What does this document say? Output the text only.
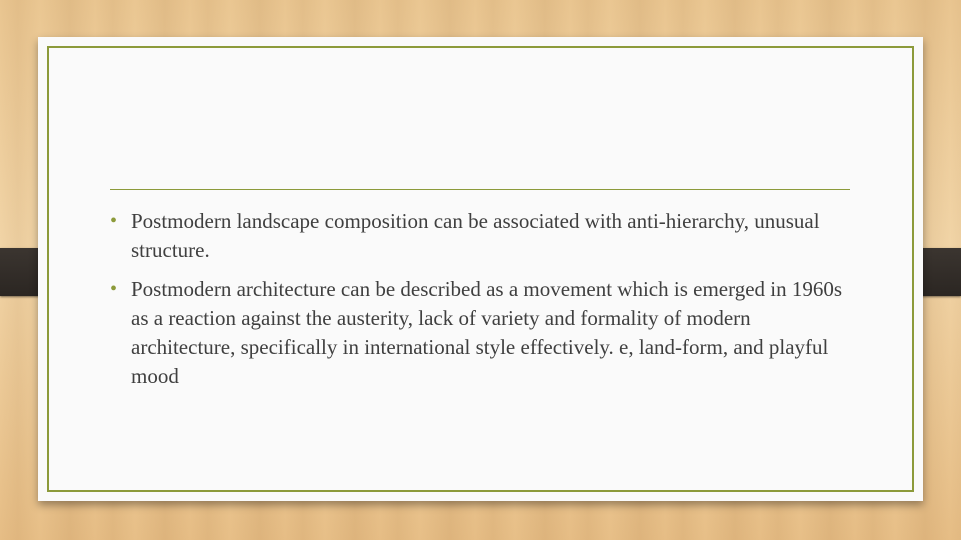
• Postmodern landscape composition can be associated with anti-hierarchy, unusual structure.
• Postmodern architecture can be described as a movement which is emerged in 1960s as a reaction against the austerity, lack of variety and formality of modern architecture, specifically in international style effectively. e, land-form, and playful mood
